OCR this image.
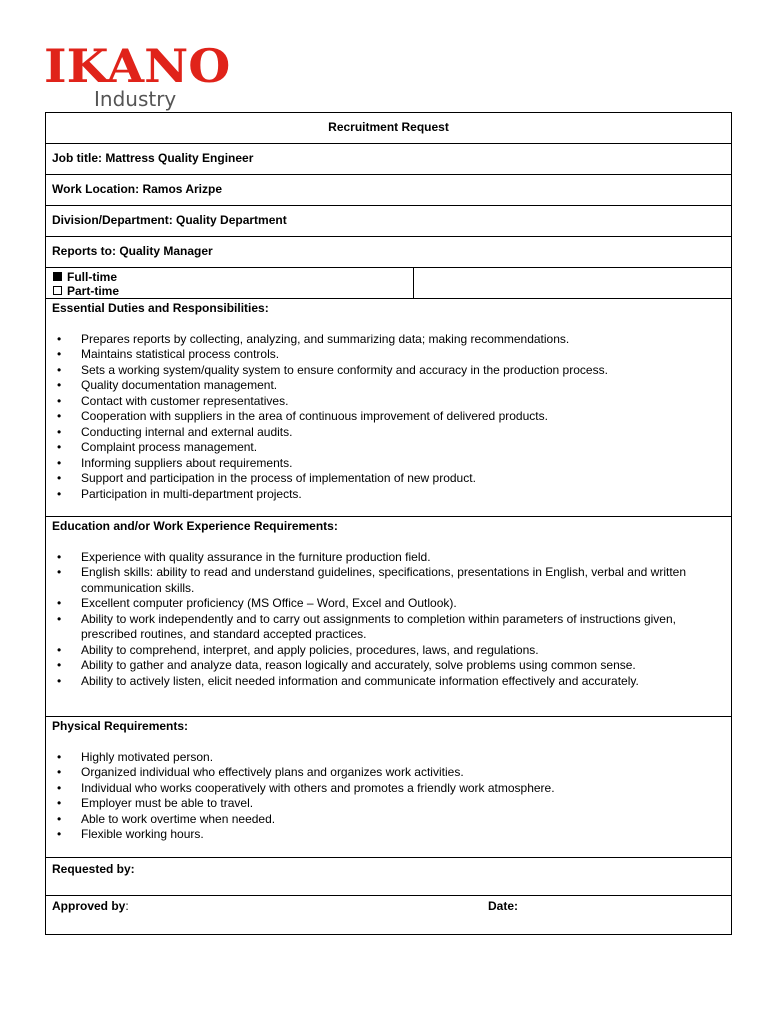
IKANO
Industry
Recruitment Request
Job title: Mattress Quality Engineer
Work Location: Ramos Arizpe
Division/Department: Quality Department
Reports to: Quality Manager

Full-time
Part-time

Essential Duties and Responsibilities:
• Prepares reports by collecting, analyzing, and summarizing data; making recommendations.
• Maintains statistical process controls.
• Sets a working system/quality system to ensure conformity and accuracy in the production process.
• Quality documentation management.
• Contact with customer representatives.
• Cooperation with suppliers in the area of continuous improvement of delivered products.
• Conducting internal and external audits.
• Complaint process management.
• Informing suppliers about requirements.
• Support and participation in the process of implementation of new product.
• Participation in multi-department projects.

Education and/or Work Experience Requirements:
• Experience with quality assurance in the furniture production field.
• English skills: ability to read and understand guidelines, specifications, presentations in English, verbal and written communication skills.
• Excellent computer proficiency (MS Office – Word, Excel and Outlook).
• Ability to work independently and to carry out assignments to completion within parameters of instructions given, prescribed routines, and standard accepted practices.
• Ability to comprehend, interpret, and apply policies, procedures, laws, and regulations.
• Ability to gather and analyze data, reason logically and accurately, solve problems using common sense.
• Ability to actively listen, elicit needed information and communicate information effectively and accurately.

Physical Requirements:
• Highly motivated person.
• Organized individual who effectively plans and organizes work activities.
• Individual who works cooperatively with others and promotes a friendly work atmosphere.
• Employer must be able to travel.
• Able to work overtime when needed.
• Flexible working hours.

Requested by:
Approved by:	Date:
